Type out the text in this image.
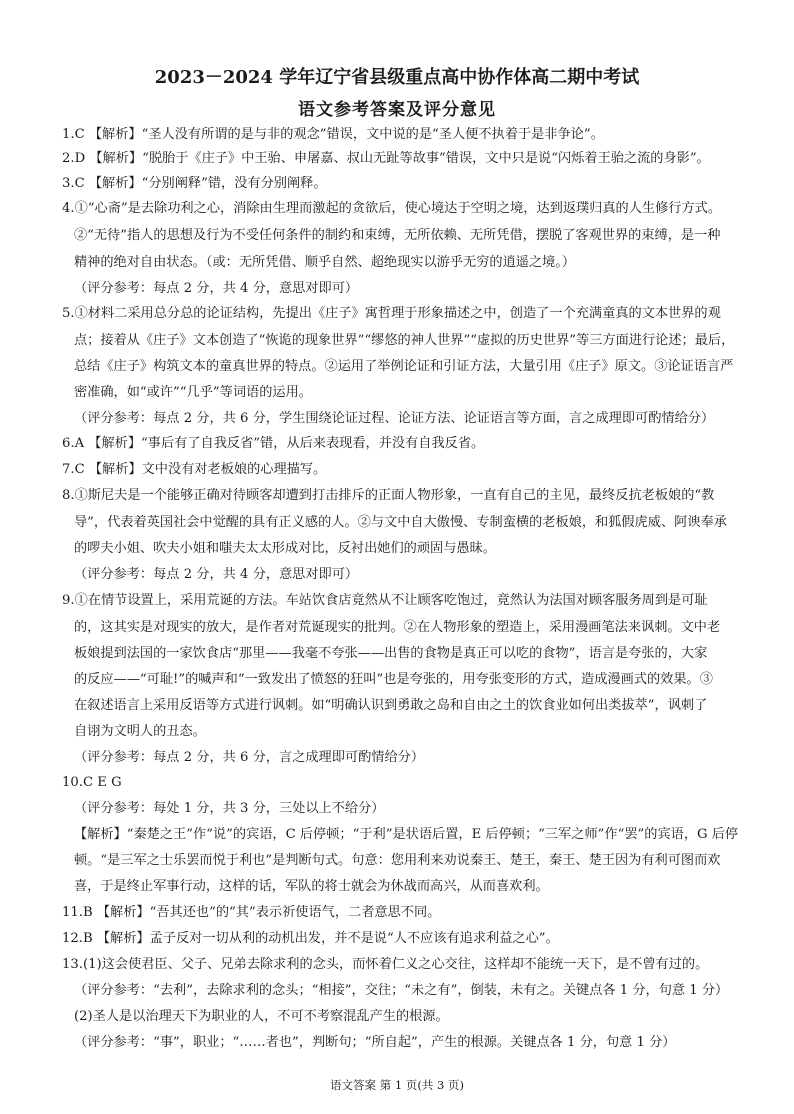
2023－2024 学年辽宁省县级重点高中协作体高二期中考试
语文参考答案及评分意见
1.C 【解析】“圣人没有所谓的是与非的观念”错误，文中说的是“圣人便不执着于是非争论”。
2.D 【解析】“脱胎于《庄子》中王骀、申屠嘉、叔山无趾等故事”错误，文中只是说“闪烁着王骀之流的身影”。
3.C 【解析】“分别阐释”错，没有分别阐释。
4.①“心斋”是去除功利之心，消除由生理而激起的贪欲后，使心境达于空明之境，达到返璞归真的人生修行方式。
②“无待”指人的思想及行为不受任何条件的制约和束缚，无所依赖、无所凭借，摆脱了客观世界的束缚，是一种
精神的绝对自由状态。（或：无所凭借、顺乎自然、超绝现实以游乎无穷的逍遥之境。）
（评分参考：每点 2 分，共 4 分，意思对即可）
5.①材料二采用总分总的论证结构，先提出《庄子》寓哲理于形象描述之中，创造了一个充满童真的文本世界的观
点；接着从《庄子》文本创造了“恢诡的现象世界”“缪悠的神人世界”“虚拟的历史世界”等三方面进行论述；最后，
总结《庄子》构筑文本的童真世界的特点。②运用了举例论证和引证方法，大量引用《庄子》原文。③论证语言严
密准确，如“或许”“几乎”等词语的运用。
（评分参考：每点 2 分，共 6 分，学生围绕论证过程、论证方法、论证语言等方面，言之成理即可酌情给分）
6.A 【解析】“事后有了自我反省”错，从后来表现看，并没有自我反省。
7.C 【解析】文中没有对老板娘的心理描写。
8.①斯尼夫是一个能够正确对待顾客却遭到打击排斥的正面人物形象，一直有自己的主见，最终反抗老板娘的“教
导”，代表着英国社会中觉醒的具有正义感的人。②与文中自大傲慢、专制蛮横的老板娘，和狐假虎威、阿谀奉承
的啰夫小姐、吹夫小姐和嗤夫太太形成对比，反衬出她们的顽固与愚昧。
（评分参考：每点 2 分，共 4 分，意思对即可）
9.①在情节设置上，采用荒诞的方法。车站饮食店竟然从不让顾客吃饱过，竟然认为法国对顾客服务周到是可耻
的，这其实是对现实的放大，是作者对荒诞现实的批判。②在人物形象的塑造上，采用漫画笔法来讽刺。文中老
板娘提到法国的一家饮食店“那里——我毫不夸张——出售的食物是真正可以吃的食物”，语言是夸张的，大家
的反应——“可耻!”的喊声和“一致发出了愤怒的狂叫”也是夸张的，用夸张变形的方式，造成漫画式的效果。③
在叙述语言上采用反语等方式进行讽刺。如“明确认识到勇敢之岛和自由之土的饮食业如何出类拔萃”，讽刺了
自诩为文明人的丑态。
（评分参考：每点 2 分，共 6 分，言之成理即可酌情给分）
10.C E G
（评分参考：每处 1 分，共 3 分，三处以上不给分）
【解析】“秦楚之王”作“说”的宾语，C 后停顿；“于利”是状语后置，E 后停顿；“三军之师”作“罢”的宾语，G 后停
顿。“是三军之士乐罢而悦于利也”是判断句式。句意：您用利来劝说秦王、楚王，秦王、楚王因为有利可图而欢
喜，于是终止军事行动，这样的话，军队的将士就会为休战而高兴，从而喜欢利。
11.B 【解析】“吾其还也”的“其”表示祈使语气，二者意思不同。
12.B 【解析】孟子反对一切从利的动机出发，并不是说“人不应该有追求利益之心”。
13.(1)这会使君臣、父子、兄弟去除求利的念头，而怀着仁义之心交往，这样却不能统一天下，是不曾有过的。
（评分参考：“去利”，去除求利的念头；“相接”，交往；“未之有”，倒装，未有之。关键点各 1 分，句意 1 分）
(2)圣人是以治理天下为职业的人，不可不考察混乱产生的根源。
（评分参考：“事”，职业；“……者也”，判断句；“所自起”，产生的根源。关键点各 1 分，句意 1 分）
语文答案 第 1 页(共 3 页)
